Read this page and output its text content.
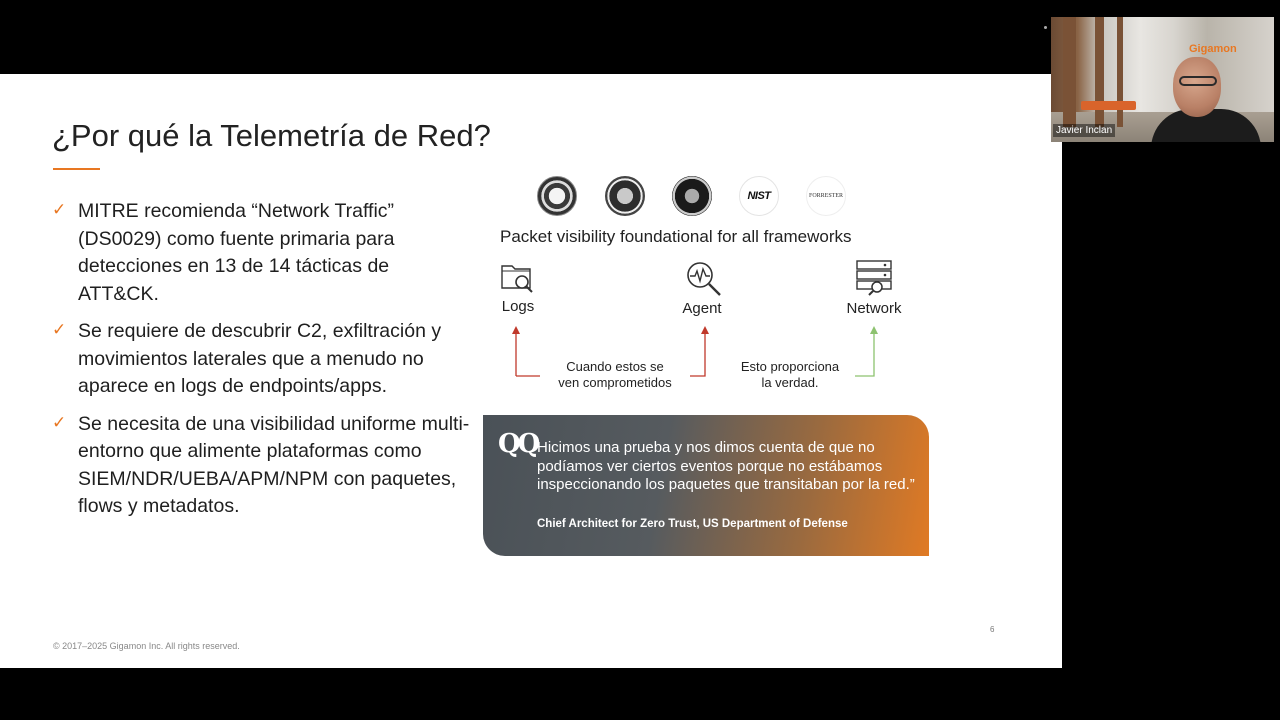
¿Por qué la Telemetría de Red?
✓ MITRE recomienda “Network Traffic” (DS0029) como fuente primaria para detecciones en 13 de 14 tácticas de ATT&CK.
✓ Se requiere de descubrir C2, exfiltración y movimientos laterales que a menudo no aparece en logs de endpoints/apps.
✓ Se necesita de una visibilidad uniforme multi-entorno que alimente plataformas como SIEM/NDR/UEBA/APM/NPM con paquetes, flows y metadatos.
NIST	FORRESTER
Packet visibility foundational for all frameworks
Logs	Agent	Network
Cuando estos se
ven comprometidos
Esto proporciona
la verdad.
QQ Hicimos una prueba y nos dimos cuenta de que no podíamos ver ciertos eventos porque no estábamos inspeccionando los paquetes que transitaban por la red.”
Chief Architect for Zero Trust, US Department of Defense
© 2017–2025 Gigamon Inc. All rights reserved.
6
Gigamon
Javier Inclan
